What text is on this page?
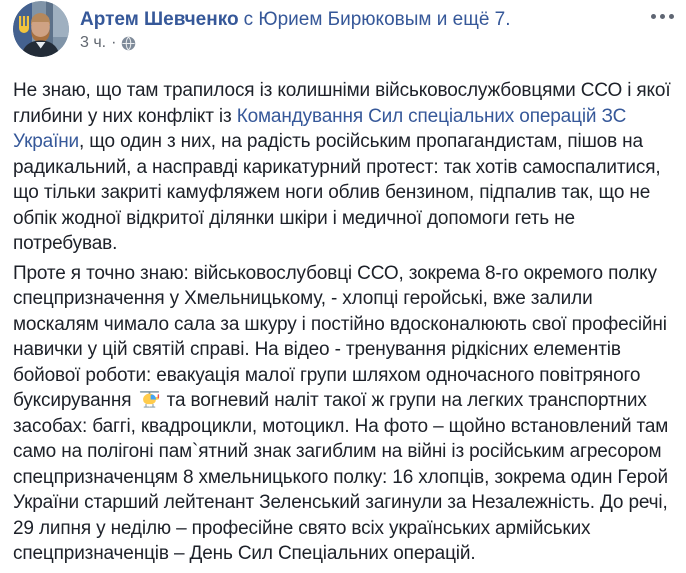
Артем Шевченко с Юрием Бирюковым и ещё 7.
3 ч. ·

Не знаю, що там трапилося із колишніми військовослужбовцями ССО і якої глибини у них конфлікт із Командування Сил спеціальних операцій ЗС України, що один з них, на радість російським пропагандистам, пішов на радикальний, а насправді карикатурний протест: так хотів самоспалитися, що тільки закриті камуфляжем ноги облив бензином, підпалив так, що не обпік жодної відкритої ділянки шкіри і медичної допомоги геть не потребував.

Проте я точно знаю: військовослубовці ССО, зокрема 8-го окремого полку спецпризначення у Хмельницькому, - хлопці геройські, вже залили москалям чимало сала за шкуру і постійно вдосконалюють свої професійні навички у цій святій справі. На відео - тренування рідкісних елементів бойової роботи: евакуація малої групи шляхом одночасного повітряного буксирування  та вогневий наліт такої ж групи на легких транспортних засобах: баггі, квадроцикли, мотоцикл. На фото – щойно встановлений там само на полігоні пам`ятний знак загиблим на війні із російським агресором спецпризначенцям 8 хмельницького полку: 16 хлопців, зокрема один Герой України старший лейтенант Зеленський загинули за Незалежність. До речі, 29 липня у неділю – професійне свято всіх українських армійських спецпризначенців – День Сил Спеціальних операцій.
